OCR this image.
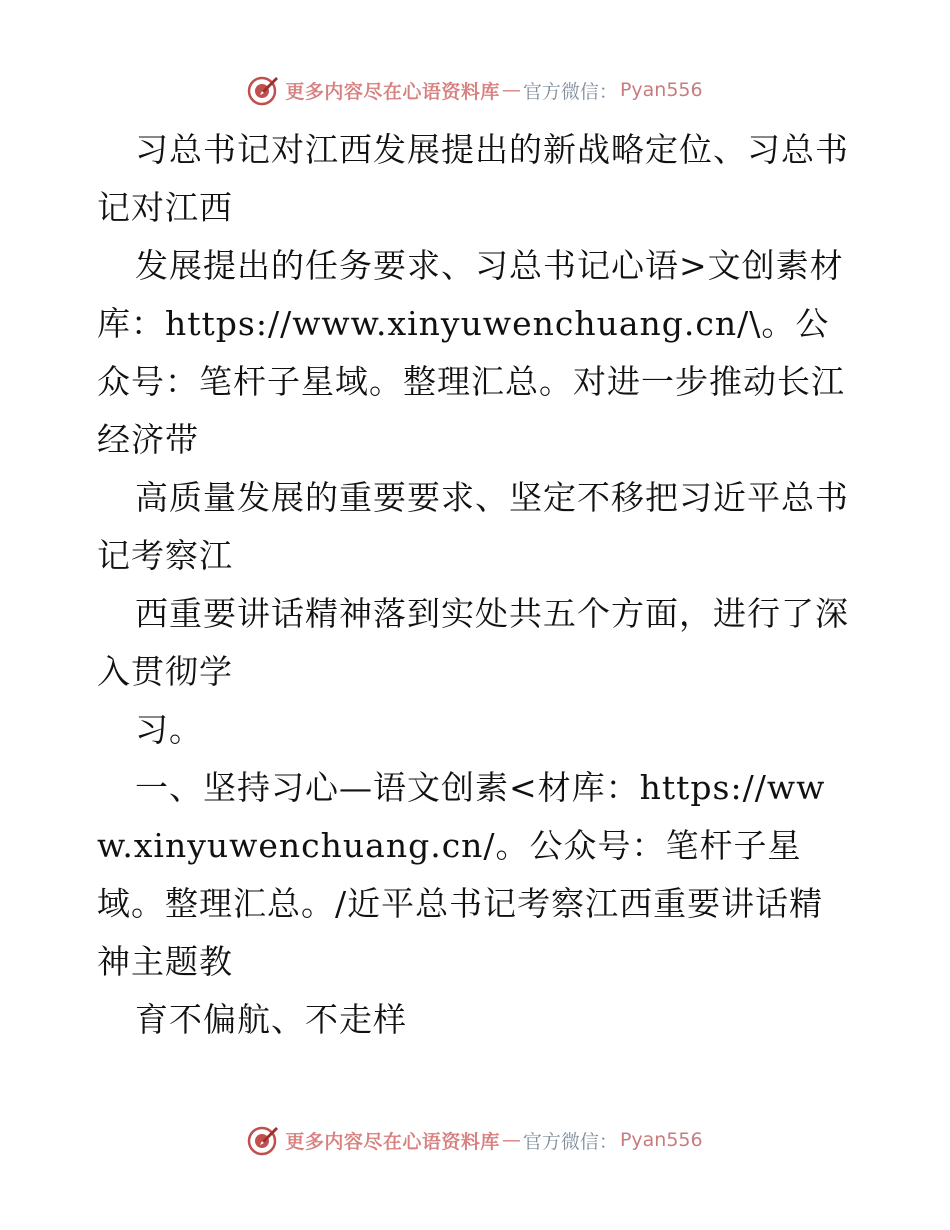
更多内容尽在心语资料库 — 官方微信： Pyan556

习总书记对江西发展提出的新战略定位、习总书记对江西

发展提出的任务要求、习总书记心语>文创素材库：https://www.xinyuwenchuang.cn/\。公众号：笔杆子星域。整理汇总。对进一步推动长江经济带

高质量发展的重要要求、坚定不移把习近平总书记考察江

西重要讲话精神落到实处共五个方面，进行了深入贯彻学

习。

一、坚持习心—语文创素<材库：https://www.xinyuwenchuang.cn/。公众号：笔杆子星域。整理汇总。/近平总书记考察江西重要讲话精神主题教

育不偏航、不走样

更多内容尽在心语资料库 — 官方微信： Pyan556
